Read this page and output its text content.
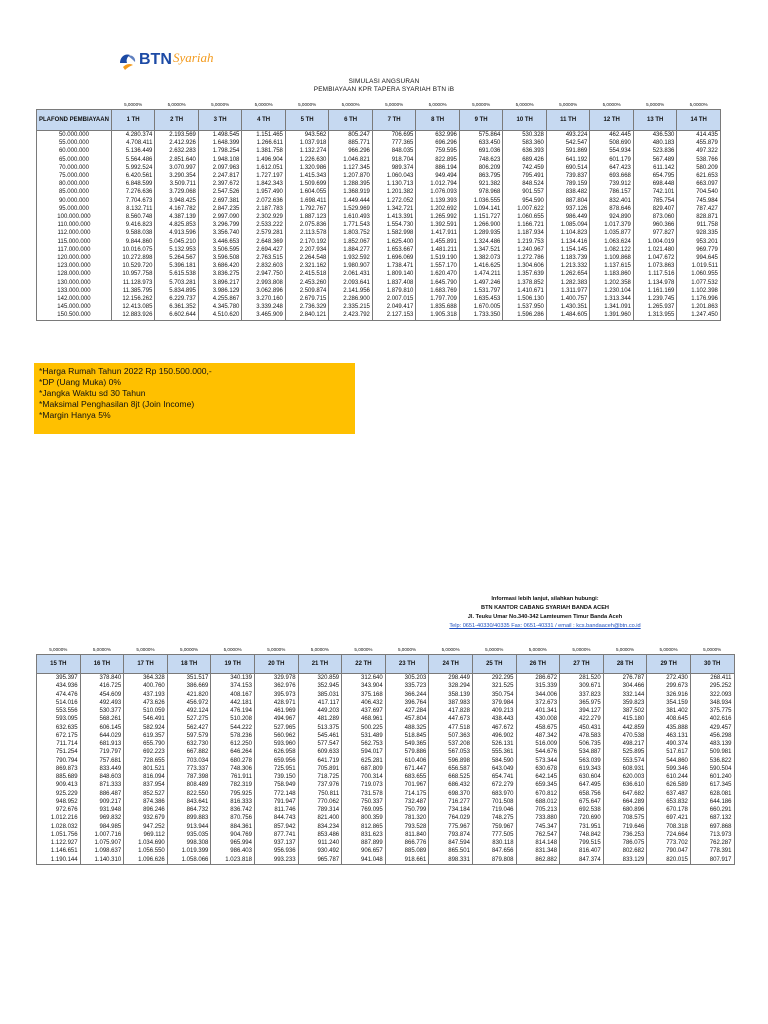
BTN Syariah
SIMULASI ANGSURAN
PEMBIAYAAN KPR TAPERA SYARIAH BTN iB
	5,0000%	5,0000%	5,0000%	5,0000%	5,0000%	5,0000%	5,0000%	5,0000%	5,0000%	5,0000%	5,0000%	5,0000%	5,0000%	5,0000%
PLAFOND PEMBIAYAAN	1 TH	2 TH	3 TH	4 TH	5 TH	6 TH	7 TH	8 TH	9 TH	10 TH	11 TH	12 TH	13 TH	14 TH
50.000.000	4.280.374	2.193.569	1.498.545	1.151.465	943.562	805.247	706.695	632.996	575.864	530.328	493.224	462.445	436.530	414.435
55.000.000	4.708.411	2.412.926	1.648.399	1.266.611	1.037.918	885.771	777.365	696.296	633.450	583.360	542.547	508.690	480.183	455.879
60.000.000	5.136.449	2.632.283	1.798.254	1.381.758	1.132.274	966.296	848.035	759.595	691.036	636.393	591.869	554.934	523.836	497.322
65.000.000	5.564.486	2.851.640	1.948.108	1.496.904	1.226.630	1.046.821	918.704	822.895	748.623	689.426	641.192	601.179	567.489	538.766
70.000.000	5.992.524	3.070.997	2.097.963	1.612.051	1.320.986	1.127.345	989.374	886.194	806.209	742.459	690.514	647.423	611.142	580.209
75.000.000	6.420.561	3.290.354	2.247.817	1.727.197	1.415.343	1.207.870	1.060.043	949.494	863.795	795.491	739.837	693.668	654.795	621.653
80.000.000	6.848.599	3.509.711	2.397.672	1.842.343	1.509.699	1.288.395	1.130.713	1.012.794	921.382	848.524	789.159	739.912	698.448	663.097
85.000.000	7.276.636	3.729.068	2.547.526	1.957.490	1.604.055	1.368.919	1.201.382	1.076.093	978.968	901.557	838.482	786.157	742.101	704.540
90.000.000	7.704.673	3.948.425	2.697.381	2.072.636	1.698.411	1.449.444	1.272.052	1.139.393	1.036.555	954.590	887.804	832.401	785.754	745.984
95.000.000	8.132.711	4.167.782	2.847.235	2.187.783	1.792.767	1.529.969	1.342.721	1.202.692	1.094.141	1.007.622	937.126	878.646	829.407	787.427
100.000.000	8.560.748	4.387.139	2.997.090	2.302.929	1.887.123	1.610.493	1.413.391	1.265.992	1.151.727	1.060.655	986.449	924.890	873.060	828.871
110.000.000	9.416.823	4.825.853	3.296.799	2.533.222	2.075.836	1.771.543	1.554.730	1.392.591	1.266.900	1.166.721	1.085.094	1.017.379	960.366	911.758
112.000.000	9.588.038	4.913.596	3.356.740	2.579.281	2.113.578	1.803.752	1.582.998	1.417.911	1.289.935	1.187.934	1.104.823	1.035.877	977.827	928.335
115.000.000	9.844.860	5.045.210	3.446.653	2.648.369	2.170.192	1.852.067	1.625.400	1.455.891	1.324.486	1.219.753	1.134.416	1.063.624	1.004.019	953.201
117.000.000	10.016.075	5.132.953	3.506.595	2.694.427	2.207.934	1.884.277	1.653.667	1.481.211	1.347.521	1.240.967	1.154.145	1.082.122	1.021.480	969.779
120.000.000	10.272.898	5.264.567	3.596.508	2.763.515	2.264.548	1.932.592	1.696.069	1.519.190	1.382.073	1.272.786	1.183.739	1.109.868	1.047.672	994.645
123.000.000	10.529.720	5.396.181	3.686.420	2.832.603	2.321.162	1.980.907	1.738.471	1.557.170	1.416.625	1.304.606	1.213.332	1.137.615	1.073.863	1.019.511
128.000.000	10.957.758	5.615.538	3.836.275	2.947.750	2.415.518	2.061.431	1.809.140	1.620.470	1.474.211	1.357.639	1.262.654	1.183.860	1.117.516	1.060.955
130.000.000	11.128.973	5.703.281	3.896.217	2.993.808	2.453.260	2.093.641	1.837.408	1.645.790	1.497.246	1.378.852	1.282.383	1.202.358	1.134.978	1.077.532
133.000.000	11.385.795	5.834.895	3.986.129	3.062.896	2.509.874	2.141.956	1.879.810	1.683.769	1.531.797	1.410.671	1.311.977	1.230.104	1.161.169	1.102.398
142.000.000	12.156.262	6.229.737	4.255.867	3.270.160	2.679.715	2.286.900	2.007.015	1.797.709	1.635.453	1.506.130	1.400.757	1.313.344	1.239.745	1.176.996
145.000.000	12.413.085	6.361.352	4.345.780	3.339.248	2.736.329	2.335.215	2.049.417	1.835.688	1.670.005	1.537.950	1.430.351	1.341.091	1.265.937	1.201.863
150.500.000	12.883.926	6.602.644	4.510.620	3.465.909	2.840.121	2.423.792	2.127.153	1.905.318	1.733.350	1.596.286	1.484.605	1.391.960	1.313.955	1.247.450
*Harga Rumah Tahun 2022 Rp 150.500.000,-
*DP (Uang Muka) 0%
*Jangka Waktu sd 30 Tahun
*Maksimal Penghasilan 8jt (Join Income)
*Margin Hanya 5%
Informasi lebih lanjut, silahkan hubungi:
BTN KANTOR CABANG SYARIAH BANDA ACEH
Jl. Teuku Umar No.340-342 Lamteumen Timur Banda Aceh
Telp: 0651-40330/40335 Fax: 0651-40331 / email : kcs.bandaaceh@btn.co.id
5,0000%	5,0000%	5,0000%	5,0000%	5,0000%	5,0000%	5,0000%	5,0000%	5,0000%	5,0000%	5,0000%	5,0000%	5,0000%	5,0000%	5,0000%	5,0000%
15 TH	16 TH	17 TH	18 TH	19 TH	20 TH	21 TH	22 TH	23 TH	24 TH	25 TH	26 TH	27 TH	28 TH	29 TH	30 TH
395.397	378.840	364.328	351.517	340.139	329.978	320.859	312.640	305.203	298.449	292.295	286.672	281.520	276.787	272.430	268.411
434.936	416.725	400.760	386.669	374.153	362.976	352.945	343.904	335.723	328.294	321.525	315.339	309.671	304.466	299.673	295.252
474.476	454.609	437.193	421.820	408.167	395.973	385.031	375.168	366.244	358.139	350.754	344.006	337.823	332.144	326.916	322.093
514.016	492.493	473.626	456.972	442.181	428.971	417.117	406.432	396.764	387.983	379.984	372.673	365.975	359.823	354.159	348.934
553.556	530.377	510.059	492.124	476.194	461.969	449.203	437.697	427.284	417.828	409.213	401.341	394.127	387.502	381.402	375.775
593.095	568.261	546.491	527.275	510.208	494.967	481.289	468.961	457.804	447.673	438.443	430.008	422.279	415.180	408.645	402.616
632.635	606.145	582.924	562.427	544.222	527.965	513.375	500.225	488.325	477.518	467.672	458.675	450.431	442.859	435.888	429.457
672.175	644.029	619.357	597.579	578.236	560.962	545.461	531.489	518.845	507.363	496.902	487.342	478.583	470.538	463.131	456.298
711.714	681.913	655.790	632.730	612.250	593.960	577.547	562.753	549.365	537.208	526.131	516.009	506.735	498.217	490.374	483.139
751.254	719.797	692.223	667.882	646.264	626.958	609.633	594.017	579.886	567.053	555.361	544.676	534.887	525.895	517.617	509.981
790.794	757.681	728.655	703.034	680.278	659.956	641.719	625.281	610.406	596.898	584.590	573.344	563.039	553.574	544.860	536.822
869.873	833.449	801.521	773.337	748.306	725.951	705.891	687.809	671.447	656.587	643.049	630.678	619.343	608.931	599.346	590.504
885.689	848.603	816.094	787.398	761.911	739.150	718.725	700.314	683.655	668.525	654.741	642.145	630.604	620.003	610.244	601.240
909.413	871.333	837.954	808.489	782.319	758.949	737.976	719.073	701.967	686.432	672.279	659.345	647.495	636.610	626.589	617.345
925.229	886.487	852.527	822.550	795.925	772.148	750.811	731.578	714.175	698.370	683.970	670.812	658.756	647.682	637.487	628.081
948.952	909.217	874.386	843.641	816.333	791.947	770.062	750.337	732.487	716.277	701.508	688.012	675.647	664.289	653.832	644.186
972.676	931.948	896.246	864.732	836.742	811.746	789.314	769.095	750.799	734.184	719.046	705.213	692.538	680.896	670.178	660.291
1.012.216	969.832	932.679	899.883	870.756	844.743	821.400	800.359	781.320	764.029	748.275	733.880	720.690	708.575	697.421	687.132
1.028.032	984.985	947.252	913.944	884.361	857.942	834.234	812.865	793.528	775.967	759.967	745.347	731.951	719.646	708.318	697.868
1.051.756	1.007.716	969.112	935.035	904.769	877.741	853.486	831.623	811.840	793.874	777.505	762.547	748.842	736.253	724.664	713.973
1.122.927	1.075.907	1.034.690	998.308	965.994	937.137	911.240	887.899	866.776	847.594	830.118	814.148	799.515	786.075	773.702	762.287
1.146.651	1.098.637	1.056.550	1.019.399	986.403	956.936	930.492	906.657	885.089	865.501	847.656	831.348	816.407	802.682	790.047	778.391
1.190.144	1.140.310	1.096.626	1.058.066	1.023.818	993.233	965.787	941.048	918.661	898.331	879.808	862.882	847.374	833.129	820.015	807.917
